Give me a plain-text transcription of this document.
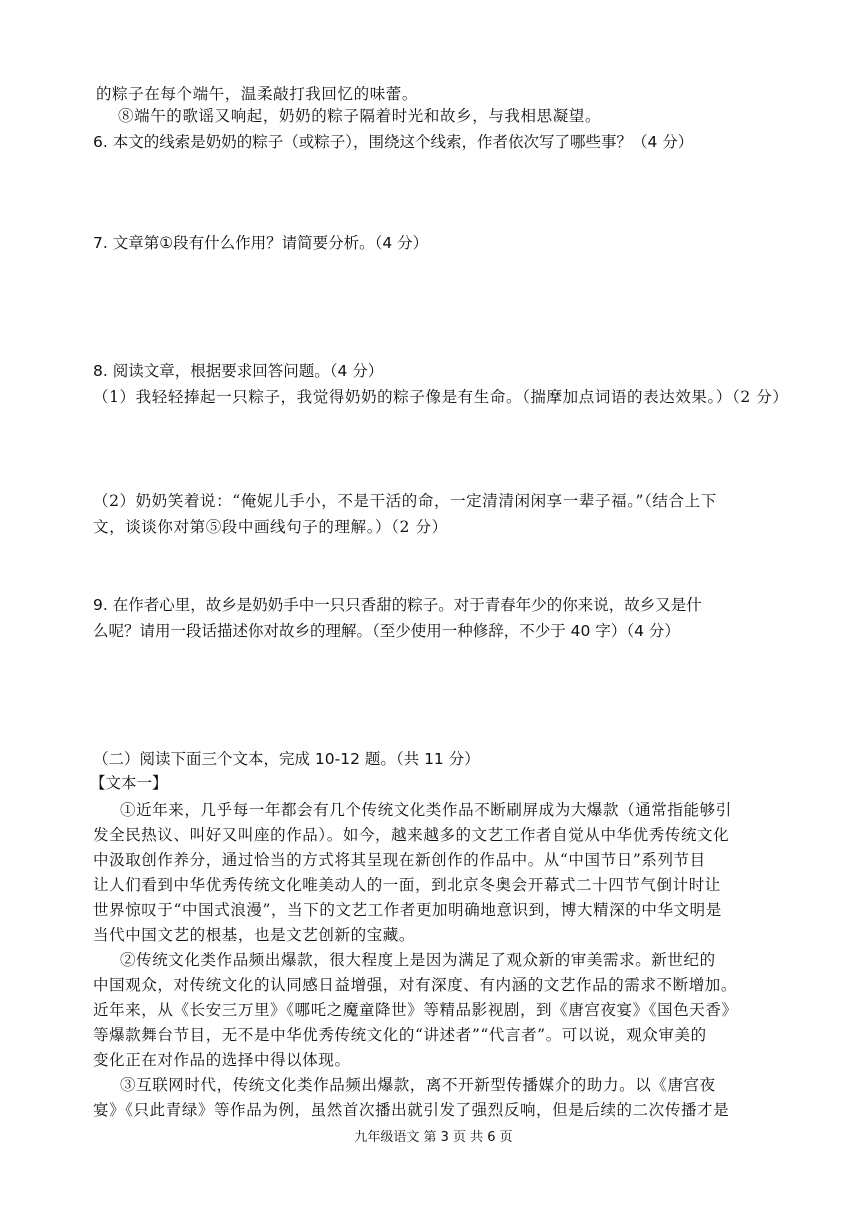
的粽子在每个端午，温柔敲打我回忆的味蕾。
⑧端午的歌谣又响起，奶奶的粽子隔着时光和故乡，与我相思凝望。
6. 本文的线索是奶奶的粽子（或粽子），围绕这个线索，作者依次写了哪些事？（4 分）
7. 文章第①段有什么作用？请简要分析。（4 分）
8. 阅读文章，根据要求回答问题。（4 分）
（1）我轻轻捧起一只粽子，我觉得奶奶的粽子像是有生命。（揣摩加点词语的表达效果。）（2 分）
（2）奶奶笑着说：“俺妮儿手小，不是干活的命，一定清清闲闲享一辈子福。”（结合上下
文，谈谈你对第⑤段中画线句子的理解。）（2 分）
9. 在作者心里，故乡是奶奶手中一只只香甜的粽子。对于青春年少的你来说，故乡又是什
么呢？请用一段话描述你对故乡的理解。（至少使用一种修辞，不少于 40 字）（4 分）
（二）阅读下面三个文本，完成 10-12 题。（共 11 分）
【文本一】
①近年来，几乎每一年都会有几个传统文化类作品不断刷屏成为大爆款（通常指能够引
发全民热议、叫好又叫座的作品）。如今，越来越多的文艺工作者自觉从中华优秀传统文化
中汲取创作养分，通过恰当的方式将其呈现在新创作的作品中。从“中国节日”系列节目
让人们看到中华优秀传统文化唯美动人的一面，到北京冬奥会开幕式二十四节气倒计时让
世界惊叹于“中国式浪漫”，当下的文艺工作者更加明确地意识到，博大精深的中华文明是
当代中国文艺的根基，也是文艺创新的宝藏。
②传统文化类作品频出爆款，很大程度上是因为满足了观众新的审美需求。新世纪的
中国观众，对传统文化的认同感日益增强，对有深度、有内涵的文艺作品的需求不断增加。
近年来，从《长安三万里》《哪吒之魔童降世》等精品影视剧，到《唐宫夜宴》《国色天香》
等爆款舞台节目，无不是中华优秀传统文化的“讲述者”“代言者”。可以说，观众审美的
变化正在对作品的选择中得以体现。
③互联网时代，传统文化类作品频出爆款，离不开新型传播媒介的助力。以《唐宫夜
宴》《只此青绿》等作品为例，虽然首次播出就引发了强烈反响，但是后续的二次传播才是
九年级语文 第 3 页 共 6 页
